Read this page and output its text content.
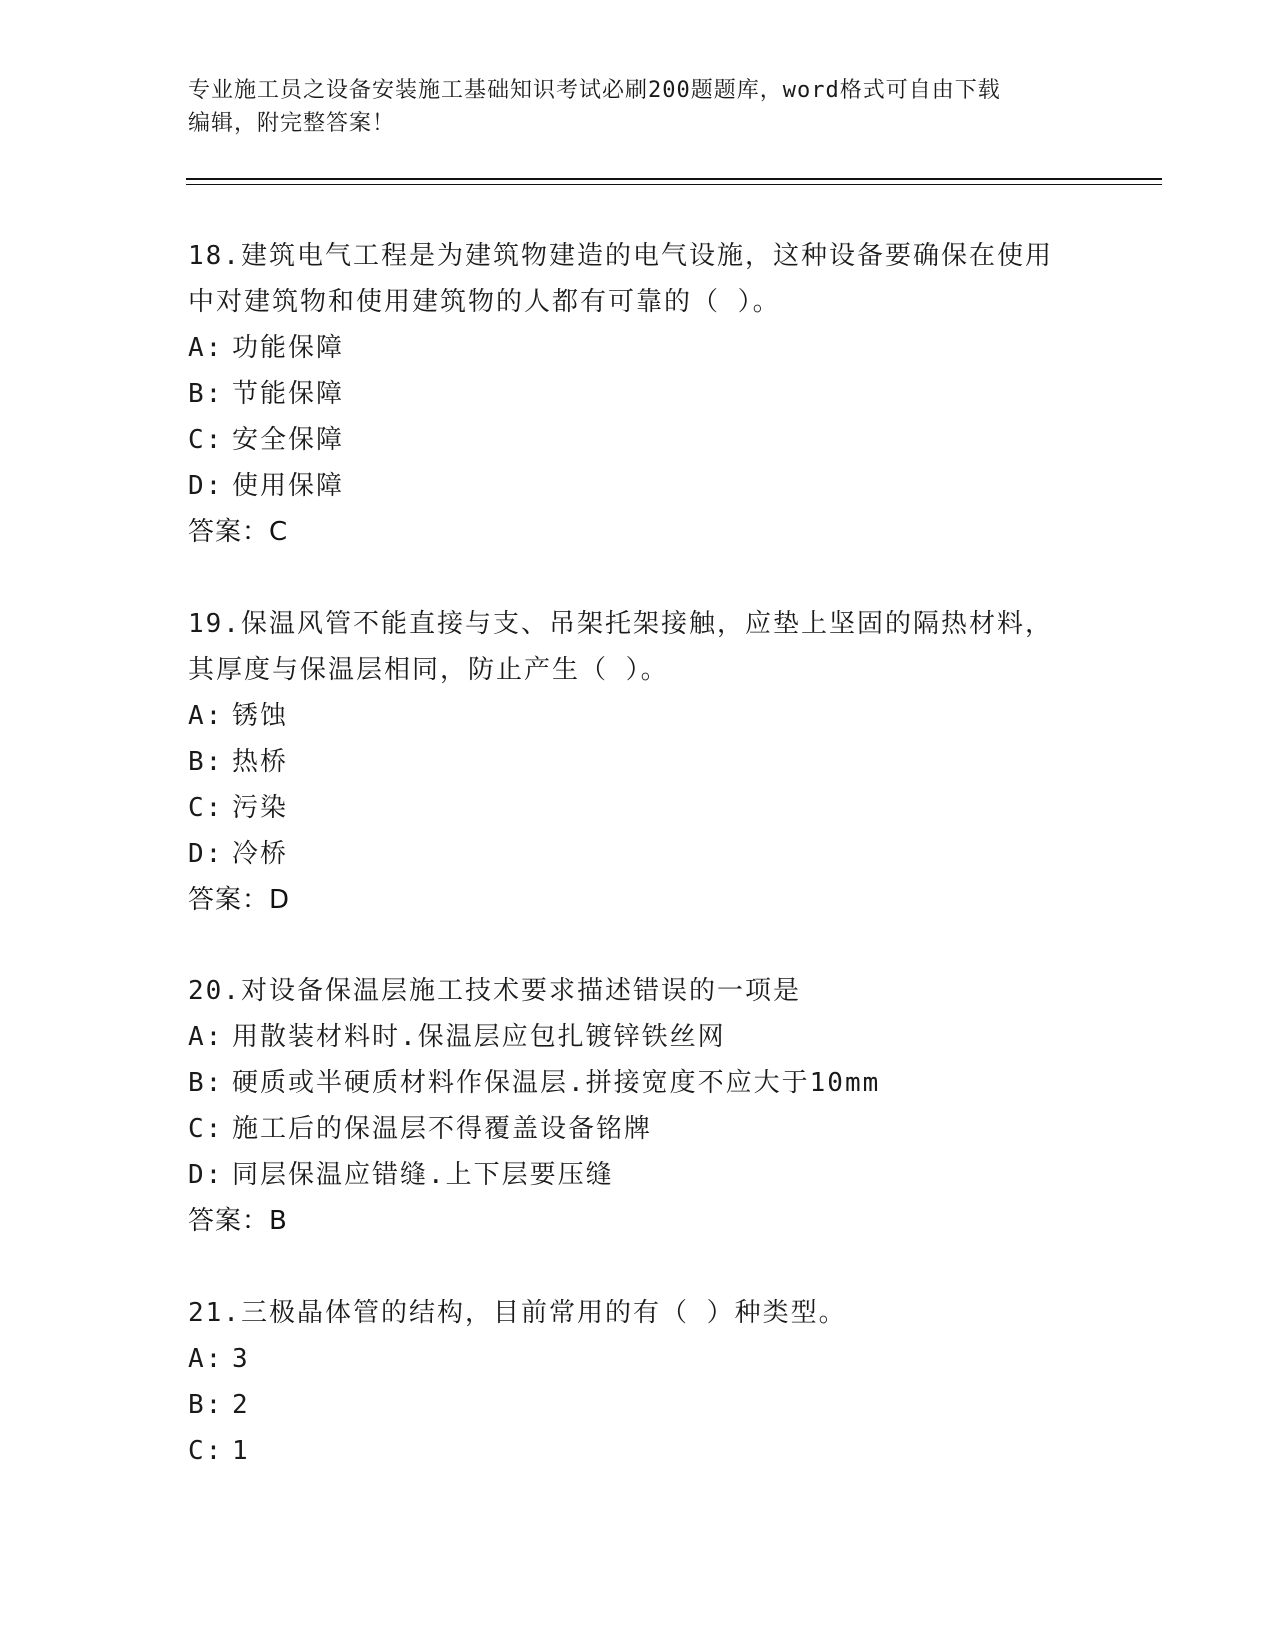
专业施工员之设备安装施工基础知识考试必刷200题题库，word格式可自由下载
编辑，附完整答案！
18.建筑电气工程是为建筑物建造的电气设施，这种设备要确保在使用
中对建筑物和使用建筑物的人都有可靠的（ ）。
A: 功能保障
B: 节能保障
C: 安全保障
D: 使用保障
答案：C
19.保温风管不能直接与支、吊架托架接触，应垫上坚固的隔热材料，
其厚度与保温层相同，防止产生（ ）。
A: 锈蚀
B: 热桥
C: 污染
D: 冷桥
答案：D
20.对设备保温层施工技术要求描述错误的一项是
A: 用散装材料时.保温层应包扎镀锌铁丝网
B: 硬质或半硬质材料作保温层.拼接宽度不应大于10mm
C: 施工后的保温层不得覆盖设备铭牌
D: 同层保温应错缝.上下层要压缝
答案：B
21.三极晶体管的结构，目前常用的有（ ）种类型。
A: 3
B: 2
C: 1
